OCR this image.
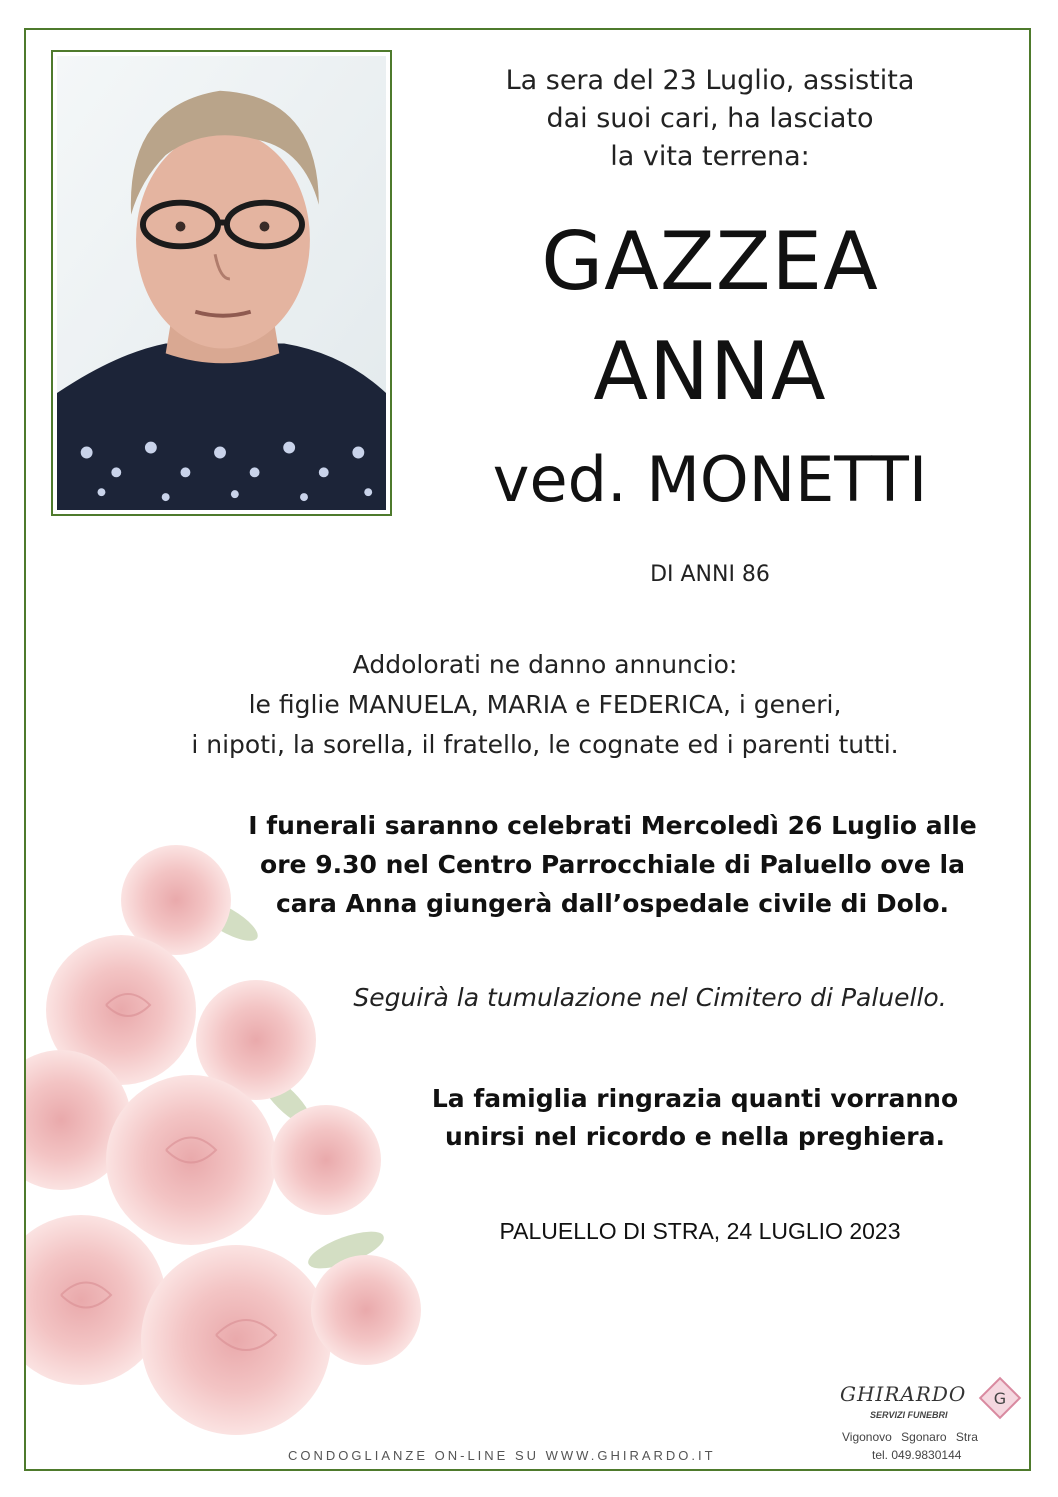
La sera del 23 Luglio, assistita
dai suoi cari, ha lasciato
la vita terrena:
GAZZEA
ANNA
ved. MONETTI
DI ANNI 86
Addolorati ne danno annuncio:
le figlie MANUELA, MARIA e FEDERICA, i generi,
i nipoti, la sorella, il fratello, le cognate ed i parenti tutti.
I funerali saranno celebrati Mercoledì 26 Luglio alle
ore 9.30 nel Centro Parrocchiale di Paluello ove la
cara Anna giungerà dall’ospedale civile di Dolo.
Seguirà la tumulazione nel Cimitero di Paluello.
La famiglia ringrazia quanti vorranno
unirsi nel ricordo e nella preghiera.
PALUELLO DI STRA, 24 LUGLIO 2023
CONDOGLIANZE ON-LINE SU WWW.GHIRARDO.IT
GHIRARDO
SERVIZI FUNEBRI
G
Vigonovo Sgonaro Stra
tel. 049.9830144
